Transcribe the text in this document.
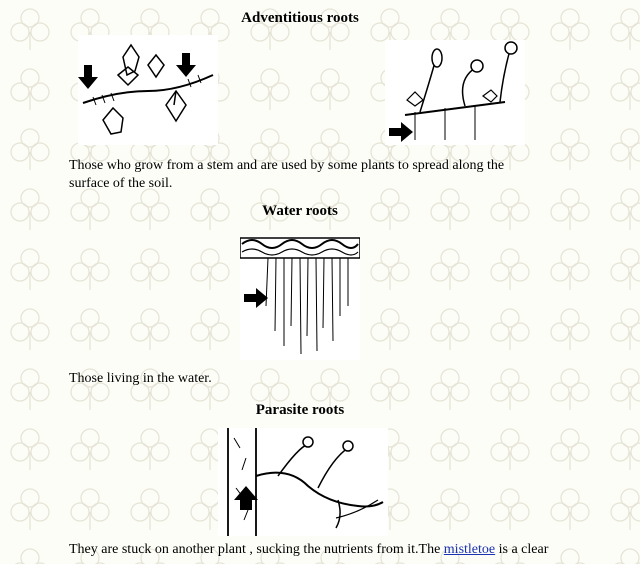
Adventitious roots
Those who grow from a stem and are used by some plants to spread along the surface of the soil.
Water roots
Those living in the water.
Parasite roots
They are stuck on another plant , sucking the nutrients from it.The mistletoe is a clear
